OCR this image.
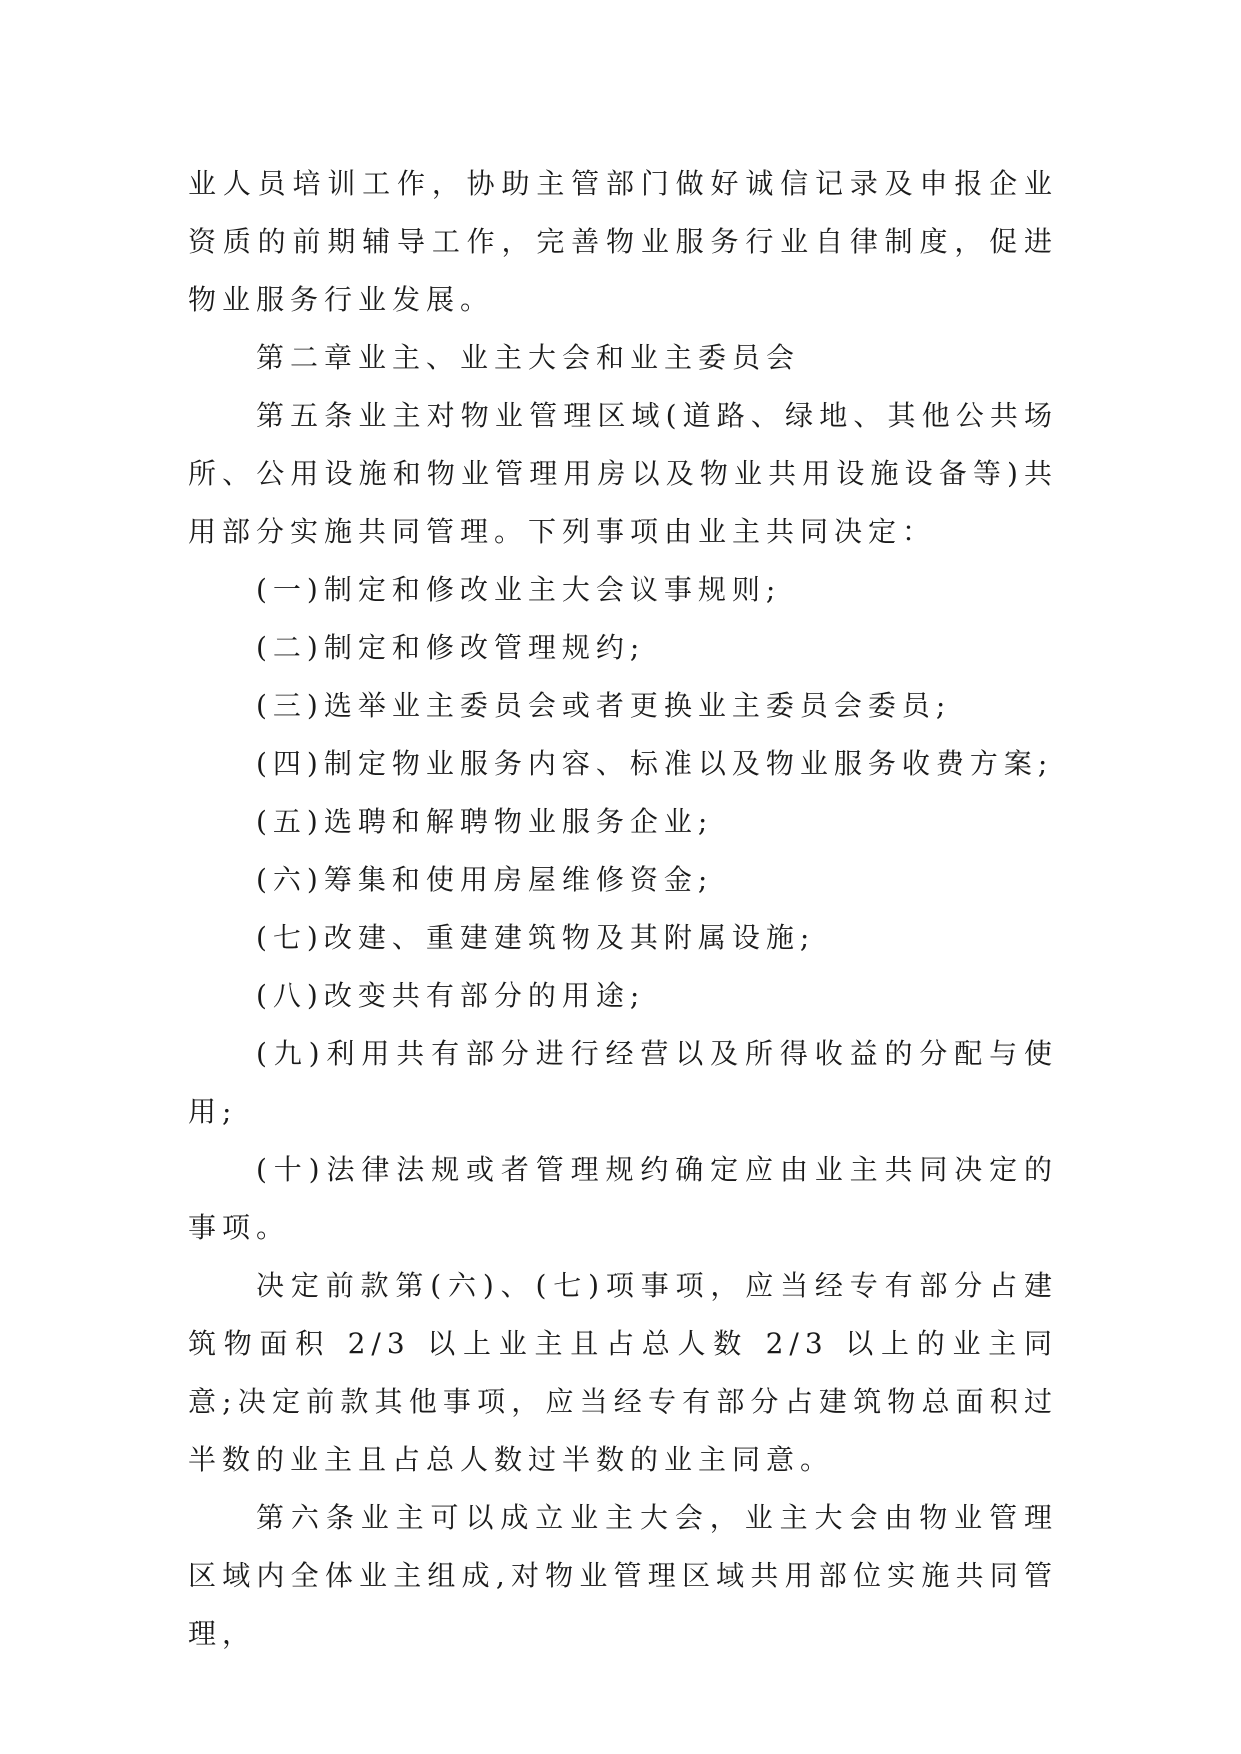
业人员培训工作，协助主管部门做好诚信记录及申报企业资质的前期辅导工作，完善物业服务行业自律制度，促进物业服务行业发展。

第二章业主、业主大会和业主委员会

第五条业主对物业管理区域(道路、绿地、其他公共场所、公用设施和物业管理用房以及物业共用设施设备等)共用部分实施共同管理。下列事项由业主共同决定：

(一)制定和修改业主大会议事规则;

(二)制定和修改管理规约;

(三)选举业主委员会或者更换业主委员会委员;

(四)制定物业服务内容、标准以及物业服务收费方案;

(五)选聘和解聘物业服务企业;

(六)筹集和使用房屋维修资金;

(七)改建、重建建筑物及其附属设施;

(八)改变共有部分的用途;

(九)利用共有部分进行经营以及所得收益的分配与使用;

(十)法律法规或者管理规约确定应由业主共同决定的事项。

决定前款第(六)、(七)项事项，应当经专有部分占建筑物面积 2/3 以上业主且占总人数 2/3 以上的业主同意;决定前款其他事项，应当经专有部分占建筑物总面积过半数的业主且占总人数过半数的业主同意。

第六条业主可以成立业主大会，业主大会由物业管理区域内全体业主组成,对物业管理区域共用部位实施共同管理，
